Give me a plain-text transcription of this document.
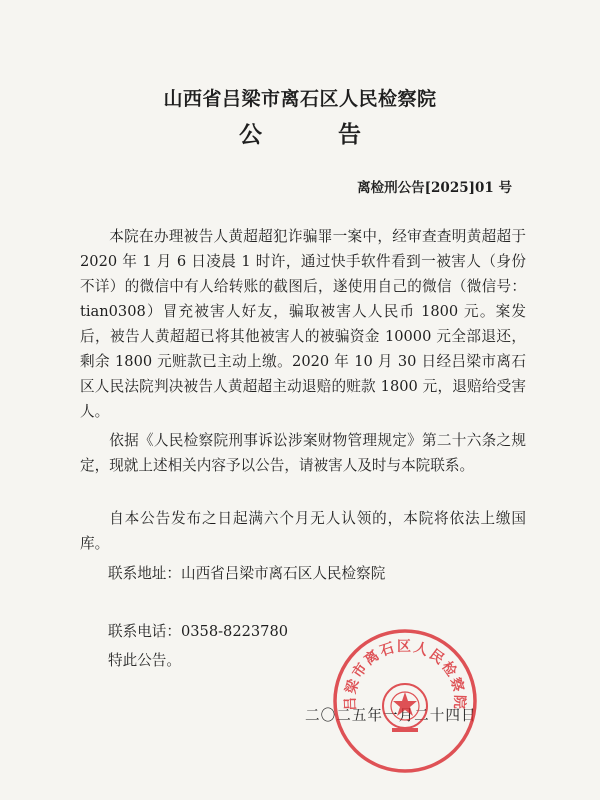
山西省吕梁市离石区人民检察院
公 告
离检刑公告[2025]01 号

本院在办理被告人黄超超犯诈骗罪一案中，经审查查明黄超超于 2020 年 1 月 6 日凌晨 1 时许，通过快手软件看到一被害人（身份不详）的微信中有人给转账的截图后，遂使用自己的微信（微信号：tian0308）冒充被害人好友，骗取被害人人民币 1800 元。案发后，被告人黄超超已将其他被害人的被骗资金 10000 元全部退还，剩余 1800 元赃款已主动上缴。2020 年 10 月 30 日经吕梁市离石区人民法院判决被告人黄超超主动退赔的赃款 1800 元，退赔给受害人。

依据《人民检察院刑事诉讼涉案财物管理规定》第二十六条之规定，现就上述相关内容予以公告，请被害人及时与本院联系。

自本公告发布之日起满六个月无人认领的，本院将依法上缴国库。

联系地址：山西省吕梁市离石区人民检察院
联系电话：0358-8223780
特此公告。
二〇二五年一月二十四日
吕梁市离石区人民检察院
